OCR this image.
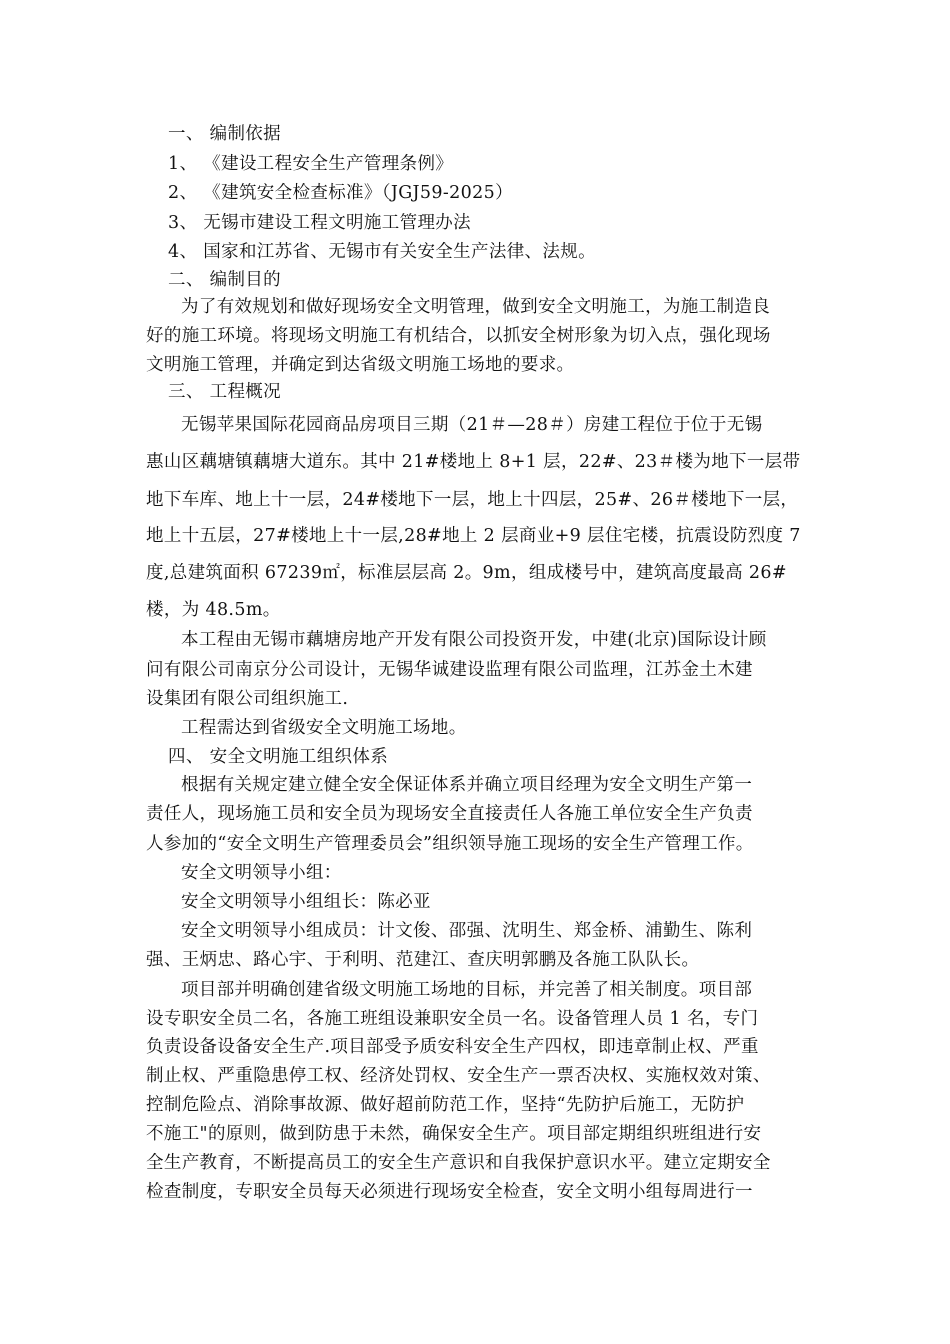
一、 编制依据

1、 《建设工程安全生产管理条例》

2、 《建筑安全检查标准》（JGJ59-2025）

3、 无锡市建设工程文明施工管理办法

4、 国家和江苏省、无锡市有关安全生产法律、法规。

二、 编制目的

为了有效规划和做好现场安全文明管理，做到安全文明施工，为施工制造良

好的施工环境。将现场文明施工有机结合，以抓安全树形象为切入点，强化现场

文明施工管理，并确定到达省级文明施工场地的要求。

三、 工程概况

无锡苹果国际花园商品房项目三期（21＃—28＃）房建工程位于位于无锡

惠山区藕塘镇藕塘大道东。其中 21#楼地上 8+1 层，22#、23＃楼为地下一层带

地下车库、地上十一层，24#楼地下一层，地上十四层，25#、26＃楼地下一层，

地上十五层，27#楼地上十一层,28#地上 2 层商业+9 层住宅楼，抗震设防烈度 7

度,总建筑面积 67239㎡，标准层层高 2。9m，组成楼号中，建筑高度最高 26#

楼，为 48.5m。

本工程由无锡市藕塘房地产开发有限公司投资开发，中建(北京)国际设计顾

问有限公司南京分公司设计，无锡华诚建设监理有限公司监理，江苏金土木建

设集团有限公司组织施工.

工程需达到省级安全文明施工场地。

四、 安全文明施工组织体系

根据有关规定建立健全安全保证体系并确立项目经理为安全文明生产第一

责任人，现场施工员和安全员为现场安全直接责任人各施工单位安全生产负责

人参加的“安全文明生产管理委员会”组织领导施工现场的安全生产管理工作。

安全文明领导小组：

安全文明领导小组组长：陈必亚

安全文明领导小组成员：计文俊、邵强、沈明生、郑金桥、浦勤生、陈利

强、王炳忠、路心宇、于利明、范建江、查庆明郭鹏及各施工队队长。

项目部并明确创建省级文明施工场地的目标，并完善了相关制度。项目部

设专职安全员二名，各施工班组设兼职安全员一名。设备管理人员 1 名，专门

负责设备设备安全生产.项目部受予质安科安全生产四权，即违章制止权、严重

制止权、严重隐患停工权、经济处罚权、安全生产一票否决权、实施权效对策、

控制危险点、消除事故源、做好超前防范工作，坚持“先防护后施工，无防护

不施工"的原则，做到防患于未然，确保安全生产。项目部定期组织班组进行安

全生产教育，不断提高员工的安全生产意识和自我保护意识水平。建立定期安全

检查制度，专职安全员每天必须进行现场安全检查，安全文明小组每周进行一
